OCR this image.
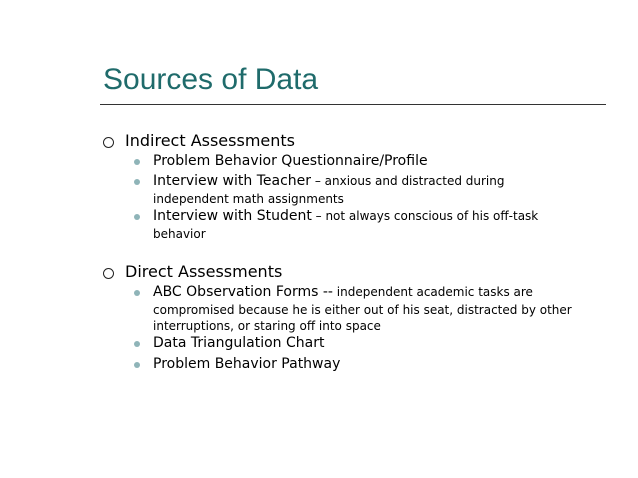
Sources of Data
Indirect Assessments
Problem Behavior Questionnaire/Profile
Interview with Teacher – anxious and distracted during
independent math assignments
Interview with Student – not always conscious of his off-task
behavior
Direct Assessments
ABC Observation Forms -- independent academic tasks are
compromised because he is either out of his seat, distracted by other
interruptions, or staring off into space
Data Triangulation Chart
Problem Behavior Pathway
